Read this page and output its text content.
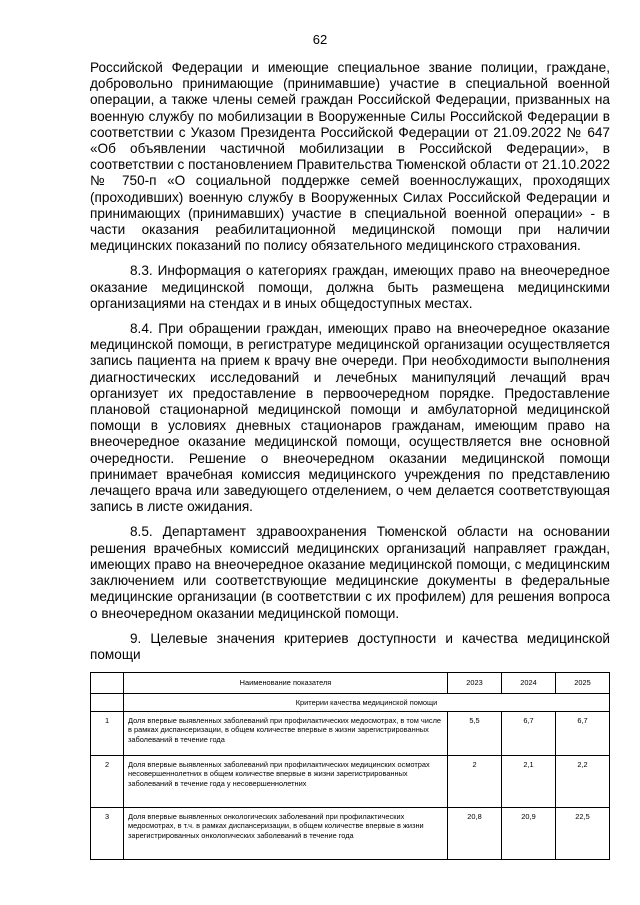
62

Российской Федерации и имеющие специальное звание полиции, граждане, добровольно принимающие (принимавшие) участие в специальной военной операции, а также члены семей граждан Российской Федерации, призванных на военную службу по мобилизации в Вооруженные Силы Российской Федерации в соответствии с Указом Президента Российской Федерации от 21.09.2022 № 647 «Об объявлении частичной мобилизации в Российской Федерации», в соответствии с постановлением Правительства Тюменской области от 21.10.2022 № 750-п «О социальной поддержке семей военнослужащих, проходящих (проходивших) военную службу в Вооруженных Силах Российской Федерации и принимающих (принимавших) участие в специальной военной операции» - в части оказания реабилитационной медицинской помощи при наличии медицинских показаний по полису обязательного медицинского страхования.

8.3. Информация о категориях граждан, имеющих право на внеочередное оказание медицинской помощи, должна быть размещена медицинскими организациями на стендах и в иных общедоступных местах.

8.4. При обращении граждан, имеющих право на внеочередное оказание медицинской помощи, в регистратуре медицинской организации осуществляется запись пациента на прием к врачу вне очереди. При необходимости выполнения диагностических исследований и лечебных манипуляций лечащий врач организует их предоставление в первоочередном порядке. Предоставление плановой стационарной медицинской помощи и амбулаторной медицинской помощи в условиях дневных стационаров гражданам, имеющим право на внеочередное оказание медицинской помощи, осуществляется вне основной очередности. Решение о внеочередном оказании медицинской помощи принимает врачебная комиссия медицинского учреждения по представлению лечащего врача или заведующего отделением, о чем делается соответствующая запись в листе ожидания.

8.5. Департамент здравоохранения Тюменской области на основании решения врачебных комиссий медицинских организаций направляет граждан, имеющих право на внеочередное оказание медицинской помощи, с медицинским заключением или соответствующие медицинские документы в федеральные медицинские организации (в соответствии с их профилем) для решения вопроса о внеочередном оказании медицинской помощи.

9. Целевые значения критериев доступности и качества медицинской помощи

	Наименование показателя	2023	2024	2025
	Критерии качества медицинской помощи			
1	Доля впервые выявленных заболеваний при профилактических медосмотрах, в том числе в рамках диспансеризации, в общем количестве впервые в жизни зарегистрированных заболеваний в течение года	5,5	6,7	6,7
2	Доля впервые выявленных заболеваний при профилактических медицинских осмотрах несовершеннолетних в общем количестве впервые в жизни зарегистрированных заболеваний в течение года у несовершеннолетних	2	2,1	2,2
3	Доля впервые выявленных онкологических заболеваний при профилактических медосмотрах, в т.ч. в рамках диспансеризации, в общем количестве впервые в жизни зарегистрированных онкологических заболеваний в течение года	20,8	20,9	22,5
